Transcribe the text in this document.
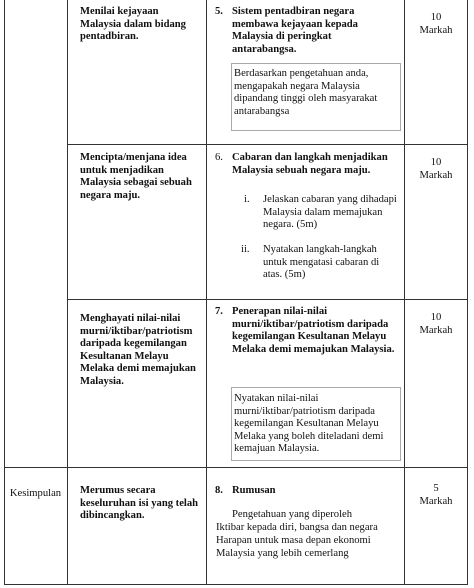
Menilai kejayaan Malaysia dalam bidang pentadbiran.
5. Sistem pentadbiran negara membawa kejayaan kepada Malaysia di peringkat antarabangsa.
Berdasarkan pengetahuan anda, mengapakah negara Malaysia dipandang tinggi oleh masyarakat antarabangsa
10
Markah
Mencipta/menjana idea untuk menjadikan Malaysia sebagai sebuah negara maju.
6. Cabaran dan langkah menjadikan Malaysia sebuah negara maju.
i. Jelaskan cabaran yang dihadapi Malaysia dalam memajukan negara. (5m)
ii. Nyatakan langkah-langkah untuk mengatasi cabaran di atas. (5m)
10
Markah
Menghayati nilai-nilai murni/iktibar/patriotism daripada kegemilangan Kesultanan Melayu Melaka demi memajukan Malaysia.
7. Penerapan nilai-nilai murni/iktibar/patriotism daripada kegemilangan Kesultanan Melayu Melaka demi memajukan Malaysia.
Nyatakan nilai-nilai murni/iktibar/patriotism daripada kegemilangan Kesultanan Melayu Melaka yang boleh diteladani demi kemajuan Malaysia.
10
Markah
Kesimpulan	Merumus secara keseluruhan isi yang telah dibincangkan.
8. Rumusan
Pengetahuan yang diperoleh
Iktibar kepada diri, bangsa dan negara
Harapan untuk masa depan ekonomi
Malaysia yang lebih cemerlang
5
Markah
